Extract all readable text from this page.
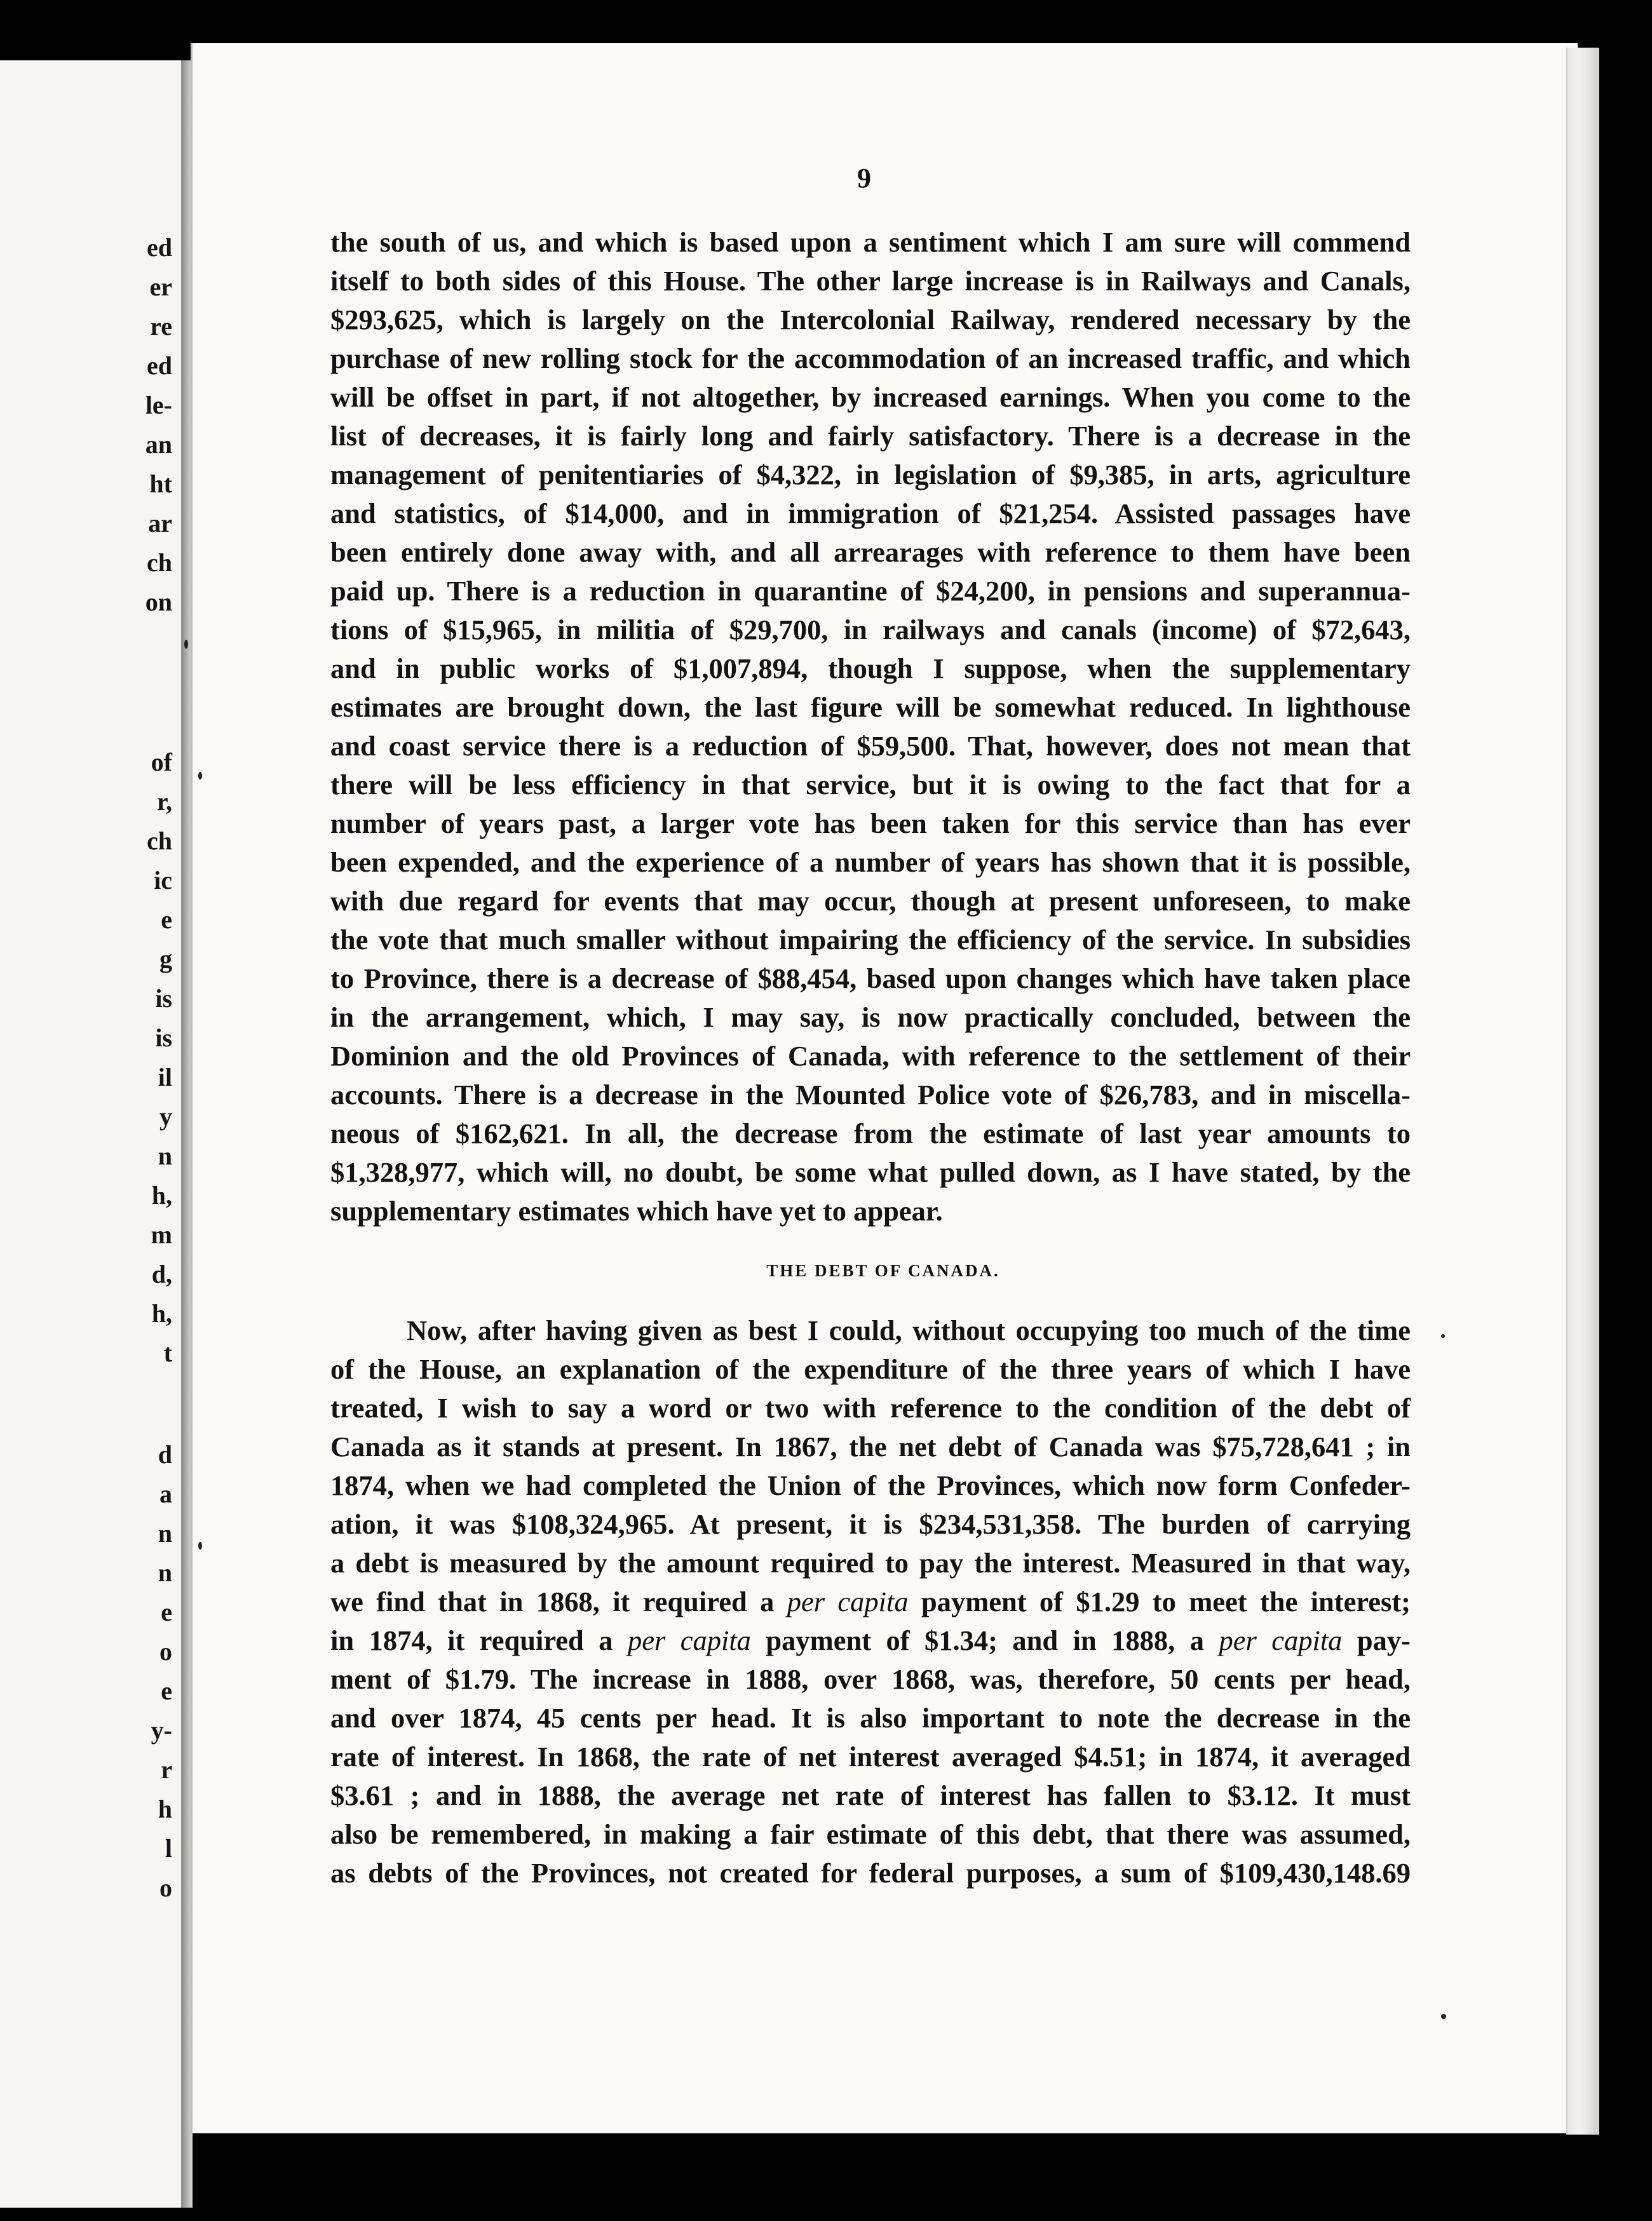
ed
er
re
ed
le-
an
ht
ar
ch
on
of
r,
ch
ic
e
g
is
is
il
y
n
h,
m
d,
h,
t
d
a
n
n
e
o
e
y-
r
h
l
o
9
the south of us, and which is based upon a sentiment which I am sure will commend
itself to both sides of this House. The other large increase is in Railways and Canals,
$293,625, which is largely on the Intercolonial Railway, rendered necessary by the
purchase of new rolling stock for the accommodation of an increased traffic, and which
will be offset in part, if not altogether, by increased earnings. When you come to the
list of decreases, it is fairly long and fairly satisfactory. There is a decrease in the
management of penitentiaries of $4,322, in legislation of $9,385, in arts, agriculture
and statistics, of $14,000, and in immigration of $21,254. Assisted passages have
been entirely done away with, and all arrearages with reference to them have been
paid up. There is a reduction in quarantine of $24,200, in pensions and superannua-
tions of $15,965, in militia of $29,700, in railways and canals (income) of $72,643,
and in public works of $1,007,894, though I suppose, when the supplementary
estimates are brought down, the last figure will be somewhat reduced. In lighthouse
and coast service there is a reduction of $59,500. That, however, does not mean that
there will be less efficiency in that service, but it is owing to the fact that for a
number of years past, a larger vote has been taken for this service than has ever
been expended, and the experience of a number of years has shown that it is possible,
with due regard for events that may occur, though at present unforeseen, to make
the vote that much smaller without impairing the efficiency of the service. In subsidies
to Province, there is a decrease of $88,454, based upon changes which have taken place
in the arrangement, which, I may say, is now practically concluded, between the
Dominion and the old Provinces of Canada, with reference to the settlement of their
accounts. There is a decrease in the Mounted Police vote of $26,783, and in miscella-
neous of $162,621. In all, the decrease from the estimate of last year amounts to
$1,328,977, which will, no doubt, be some what pulled down, as I have stated, by the
supplementary estimates which have yet to appear.
THE DEBT OF CANADA.
Now, after having given as best I could, without occupying too much of the time
of the House, an explanation of the expenditure of the three years of which I have
treated, I wish to say a word or two with reference to the condition of the debt of
Canada as it stands at present. In 1867, the net debt of Canada was $75,728,641 ; in
1874, when we had completed the Union of the Provinces, which now form Confeder-
ation, it was $108,324,965. At present, it is $234,531,358. The burden of carrying
a debt is measured by the amount required to pay the interest. Measured in that way,
we find that in 1868, it required a per capita payment of $1.29 to meet the interest;
in 1874, it required a per capita payment of $1.34; and in 1888, a per capita pay-
ment of $1.79. The increase in 1888, over 1868, was, therefore, 50 cents per head,
and over 1874, 45 cents per head. It is also important to note the decrease in the
rate of interest. In 1868, the rate of net interest averaged $4.51; in 1874, it averaged
$3.61 ; and in 1888, the average net rate of interest has fallen to $3.12. It must
also be remembered, in making a fair estimate of this debt, that there was assumed,
as debts of the Provinces, not created for federal purposes, a sum of $109,430,148.69
